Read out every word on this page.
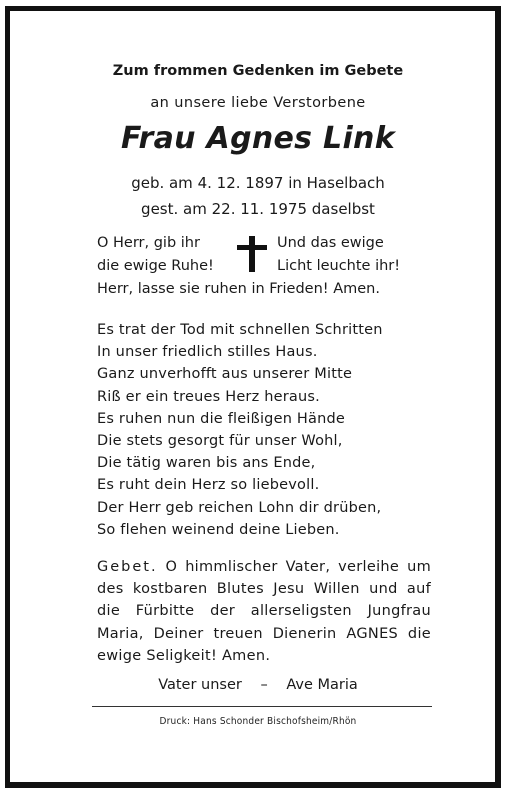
Zum frommen Gedenken im Gebete
an unsere liebe Verstorbene
Frau Agnes Link
geb. am 4. 12. 1897 in Haselbach
gest. am 22. 11. 1975 daselbst
O Herr, gib ihr
die ewige Ruhe!
Und das ewige
Licht leuchte ihr!
Herr, lasse sie ruhen in Frieden! Amen.
Es trat der Tod mit schnellen Schritten
In unser friedlich stilles Haus.
Ganz unverhofft aus unserer Mitte
Riß er ein treues Herz heraus.
Es ruhen nun die fleißigen Hände
Die stets gesorgt für unser Wohl,
Die tätig waren bis ans Ende,
Es ruht dein Herz so liebevoll.
Der Herr geb reichen Lohn dir drüben,
So flehen weinend deine Lieben.
Gebet. O himmlischer Vater, verleihe um des kostbaren Blutes Jesu Willen und auf die Fürbitte der allerseligsten Jungfrau Maria, Deiner treuen Dienerin AGNES die ewige Seligkeit! Amen.
Vater unser – Ave Maria
Druck: Hans Schonder Bischofsheim/Rhön
